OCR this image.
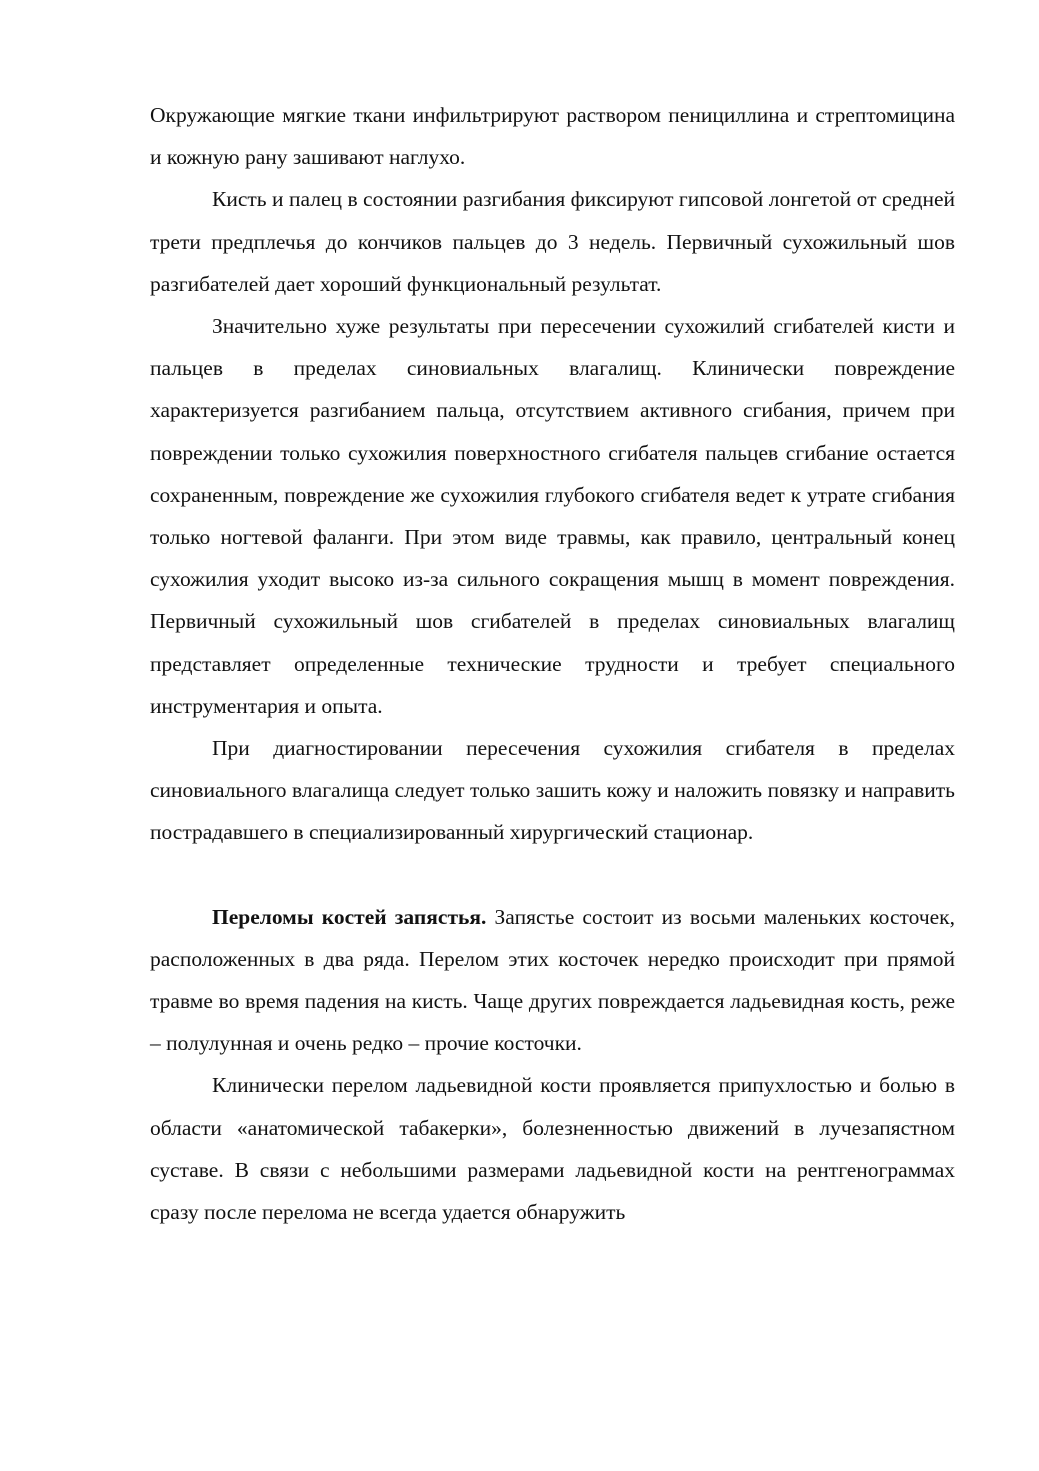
Окружающие мягкие ткани инфильтрируют раствором пенициллина и стрептомицина и кожную рану зашивают наглухо.

Кисть и палец в состоянии разгибания фиксируют гипсовой лонгетой от средней трети предплечья до кончиков пальцев до 3 недель. Первичный сухожильный шов разгибателей дает хороший функциональный результат.

Значительно хуже результаты при пересечении сухожилий сгибателей кисти и пальцев в пределах синовиальных влагалищ. Клинически повреждение характеризуется разгибанием пальца, отсутствием активного сгибания, причем при повреждении только сухожилия поверхностного сгибателя пальцев сгибание остается сохраненным, повреждение же сухожилия глубокого сгибателя ведет к утрате сгибания только ногтевой фаланги. При этом виде травмы, как правило, центральный конец сухожилия уходит высоко из-за сильного сокращения мышц в момент повреждения. Первичный сухожильный шов сгибателей в пределах синовиальных влагалищ представляет определенные технические трудности и требует специального инструментария и опыта.

При диагностировании пересечения сухожилия сгибателя в пределах синовиального влагалища следует только зашить кожу и наложить повязку и направить пострадавшего в специализированный хирургический стационар.

Переломы костей запястья. Запястье состоит из восьми маленьких косточек, расположенных в два ряда. Перелом этих косточек нередко происходит при прямой травме во время падения на кисть. Чаще других повреждается ладьевидная кость, реже – полулунная и очень редко – прочие косточки.

Клинически перелом ладьевидной кости проявляется припухлостью и болью в области «анатомической табакерки», болезненностью движений в лучезапястном суставе. В связи с небольшими размерами ладьевидной кости на рентгенограммах сразу после перелома не всегда удается обнаружить
